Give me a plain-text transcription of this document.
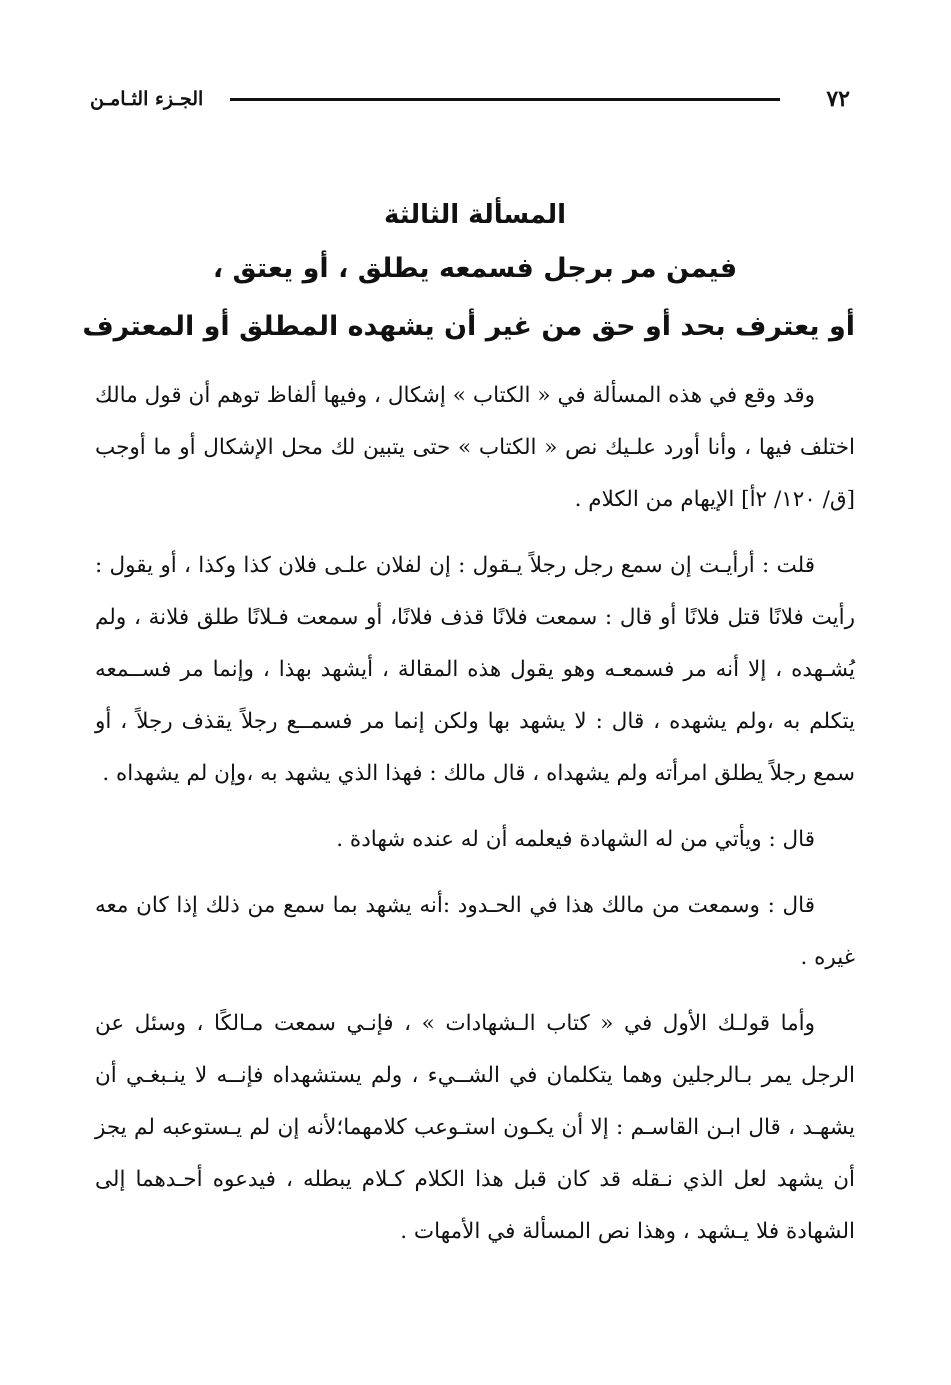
٧٢
الجـزء الثـامـن
المسألة الثالثة
فيمن مر برجل فسمعه يطلق ، أو يعتق ،
أو يعترف بحد أو حق من غير أن يشهده المطلق أو المعترف

وقد وقع في هذه المسألة في « الكتاب » إشكال ، وفيها ألفاظ توهم أن قول مالك اختلف فيها ، وأنا أورد علـيك نص « الكتاب » حتى يتبين لك محل الإشكال أو ما أوجب [ق/ ١٢٠/ ٢أ] الإيهام من الكلام .

قلت : أرأيـت إن سمع رجل رجلاً يـقول : إن لفلان علـى فلان كذا وكذا ، أو يقول : رأيت فلانًا قتل فلانًا أو قال : سمعت فلانًا قذف فلانًا، أو سمعت فـلانًا طلق فلانة ، ولم يُشـهده ، إلا أنه مر فسمعـه وهو يقول هذه المقالة ، أيشهد بهذا ، وإنما مر فســمعه يتكلم به ،ولم يشهده ، قال : لا يشهد بها ولكن إنما مر فسمــع رجلاً يقذف رجلاً ، أو سمع رجلاً يطلق امرأته ولم يشهداه ، قال مالك : فهذا الذي يشهد به ،وإن لم يشهداه .

قال : ويأتي من له الشهادة فيعلمه أن له عنده شهادة .

قال : وسمعت من مالك هذا في الحـدود :أنه يشهد بما سمع من ذلك إذا كان معه غيره .

وأما قولـك الأول في « كتاب الـشهادات » ، فإنـي سمعت مـالكًا ، وسئل عن الرجل يمر بـالرجلين وهما يتكلمان في الشــيء ، ولم يستشهداه فإنــه لا ينـبغـي أن يشهـد ، قال ابـن القاسـم : إلا أن يكـون استـوعب كلامهما؛لأنه إن لم يـستوعبه لم يجز أن يشهد لعل الذي نـقله قد كان قبل هذا الكلام كـلام يبطله ، فيدعوه أحـدهما إلى الشهادة فلا يـشهد ، وهذا نص المسألة في الأمهات .
